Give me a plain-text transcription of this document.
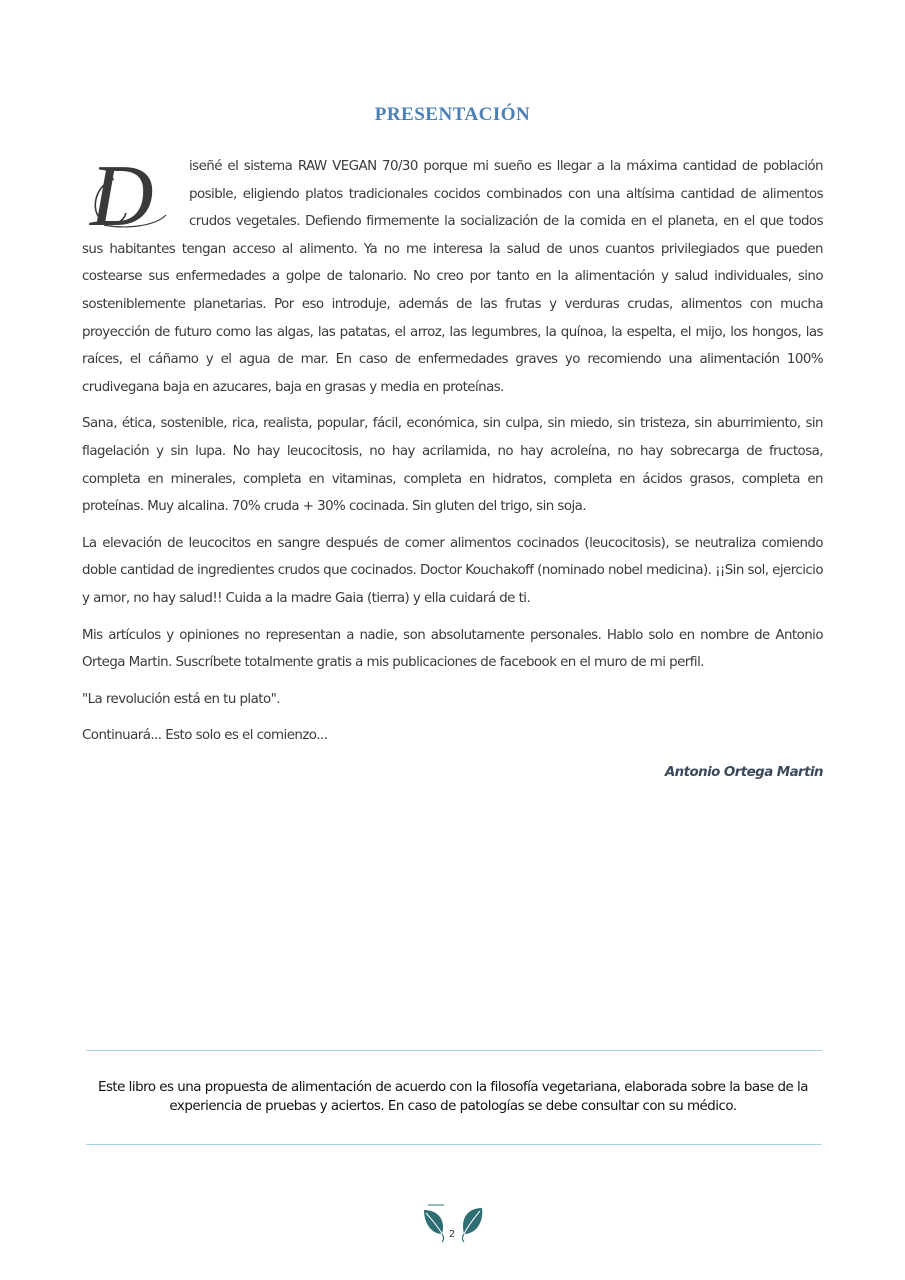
PRESENTACIÓN

D	iseñé el sistema RAW VEGAN 70/30 porque mi sueño es llegar a la máxima cantidad de población posible, eligiendo platos tradicionales cocidos combinados con una altísima cantidad de alimentos crudos vegetales. Defiendo firmemente la socialización de la comida en el planeta, en el que todos sus habitantes tengan acceso al alimento. Ya no me interesa la salud de unos cuantos privilegiados que pueden costearse sus enfermedades a golpe de talonario. No creo por tanto en la alimentación y salud individuales, sino sosteniblemente planetarias. Por eso introduje, además de las frutas y verduras crudas, alimentos con mucha proyección de futuro como las algas, las patatas, el arroz, las legumbres, la quínoa, la espelta, el mijo, los hongos, las raíces, el cáñamo y el agua de mar. En caso de enfermedades graves yo recomiendo una alimentación 100% crudivegana baja en azucares, baja en grasas y media en proteínas.

Sana, ética, sostenible, rica, realista, popular, fácil, económica, sin culpa, sin miedo, sin tristeza, sin aburrimiento, sin flagelación y sin lupa. No hay leucocitosis, no hay acrilamida, no hay acroleína, no hay sobrecarga de fructosa, completa en minerales, completa en vitaminas, completa en hidratos, completa en ácidos grasos, completa en proteínas. Muy alcalina. 70% cruda + 30% cocinada. Sin gluten del trigo, sin soja.

La elevación de leucocitos en sangre después de comer alimentos cocinados (leucocitosis), se neutraliza comiendo doble cantidad de ingredientes crudos que cocinados. Doctor Kouchakoff (nominado nobel medicina). ¡¡Sin sol, ejercicio y amor, no hay salud!! Cuida a la madre Gaia (tierra) y ella cuidará de ti.

Mis artículos y opiniones no representan a nadie, son absolutamente personales. Hablo solo en nombre de Antonio Ortega Martin. Suscríbete totalmente gratis a mis publicaciones de facebook en el muro de mi perfil.

"La revolución está en tu plato".

Continuará... Esto solo es el comienzo...

Antonio Ortega Martin

Este libro es una propuesta de alimentación de acuerdo con la filosofía vegetariana, elaborada sobre la base de la experiencia de pruebas y aciertos. En caso de patologías se debe consultar con su médico.
2
